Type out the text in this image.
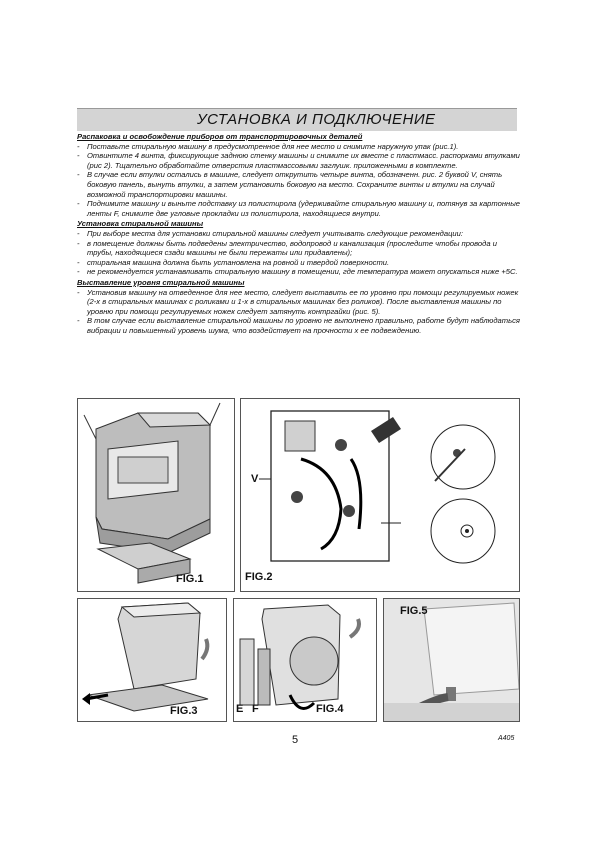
УСТАНОВКА И ПОДКЛЮЧЕНИЕ
Распаковка и освобождение приборов от транспортировочных деталей
- Поставьте стиральную машину в предусмотренное для нее место и снимите наружную упак (рис.1).
- Отвинтите 4 винта, фиксирующие заднюю стенку машины и снимите их вместе с пластмасс. распорками втулками (рис 2). Тщательно обработайте отверстия пластмассовыми заглушк. приложенными в комплекте.
- В случае если втулки остались в машине, следует открутить четыре винта, обозначенн. рис. 2 буквой V, снять боковую панель, вынуть втулки, а затем установить боковую на место. Сохраните винты и втулки на случай возможной транспортировки машины.
- Поднимите машину и выньте подставку из полистирола (удерживайте стиральную машину и, потянув за картонные ленты F, снимите две угловые прокладки из полистирола, находящиеся внутри.
Установка стиральной машины
- При выборе места для установки стиральной машины следует учитывать следующие рекомендации:
- в помещение должны быть подведены электричество, водопровод и канализация (проследите чтобы провода и трубы, находящиеся сзади машины не были пережаты или придавлены);
- стиральная машина должна быть установлена на ровной и твердой поверхности.
- не рекомендуется устанавливать стиральную машину в помещении, где температура может опускаться ниже +5С.
Выставление уровня стиральной машины
- Установив машину на отведенное для нее место, следует выставить ее по уровню при помощи регулируемых ножек (2-х в стиральных машинах с роликами и 1-х в стиральных машинах без роликов). После выставления машины по уровню при помощи регулируемых ножек следует затянуть контргайки (рис. 5).
- В том случае если выставление стиральной машины по уровню не выполнено правильно, работе будут наблюдаться вибрации и повышенный уровень шума, что воздействует на прочности х ее подвеждению.
FIG.1
V
FIG.2
FIG.3	E F	FIG.4
FIG.5
5	A405
